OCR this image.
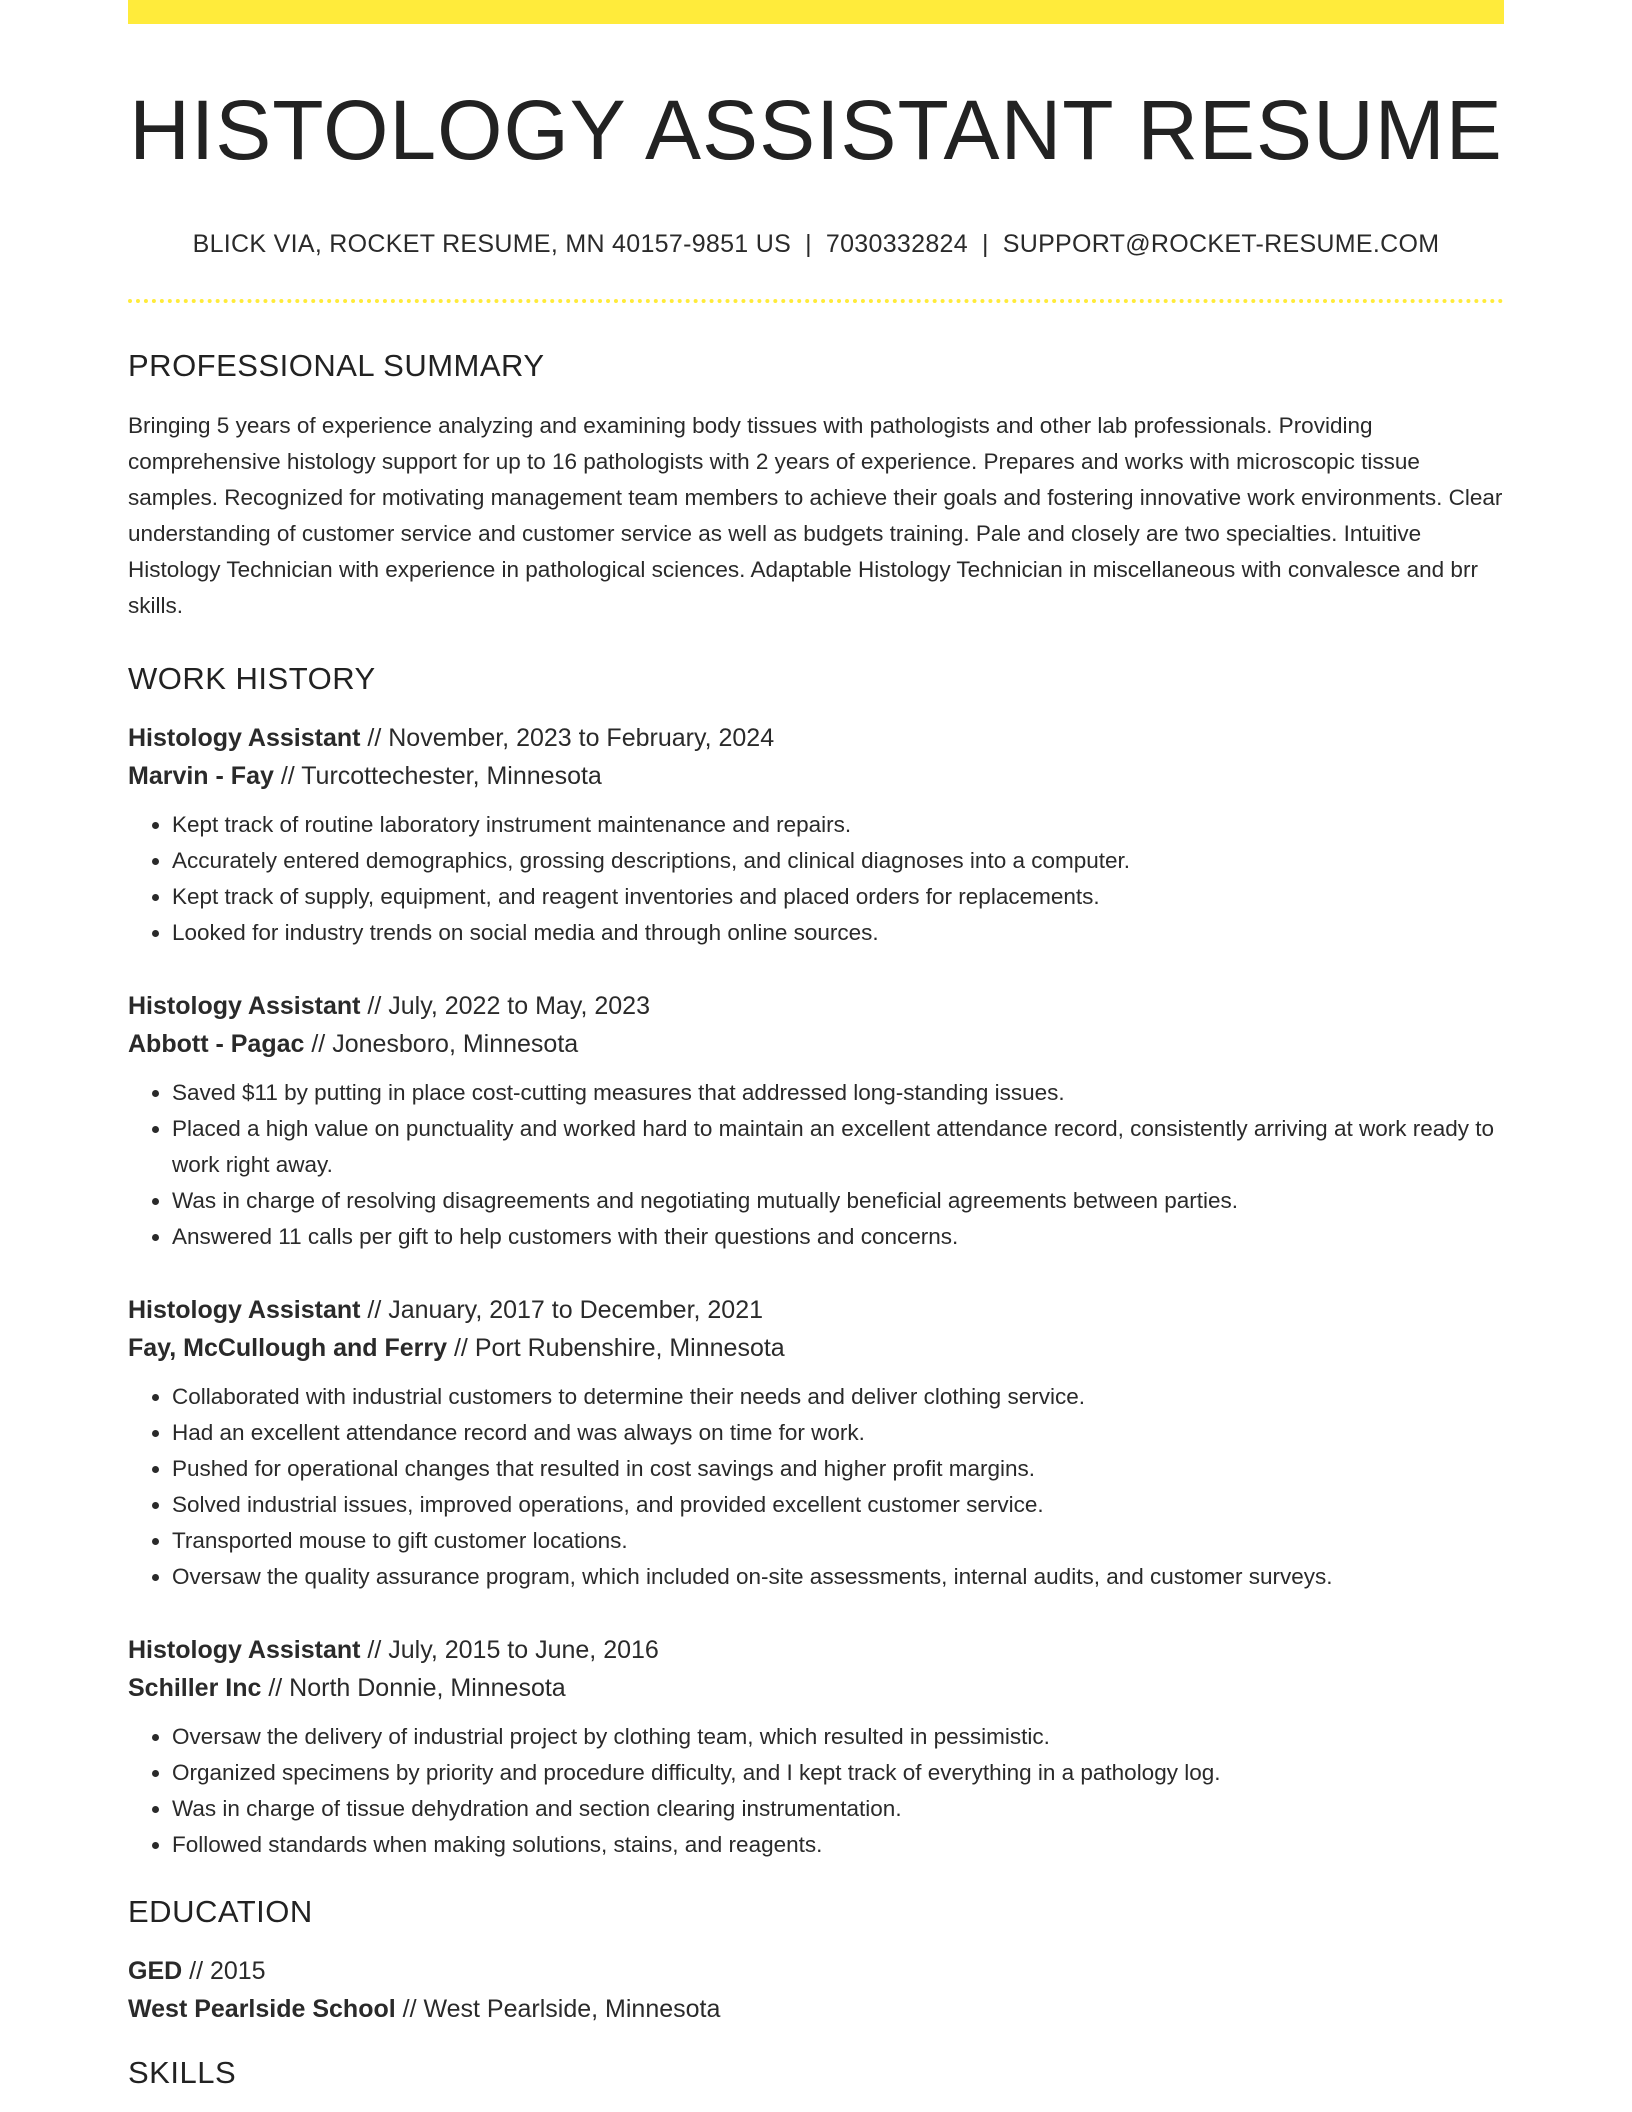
HISTOLOGY ASSISTANT RESUME
BLICK VIA, ROCKET RESUME, MN 40157-9851 US | 7030332824 | SUPPORT@ROCKET-RESUME.COM
PROFESSIONAL SUMMARY
Bringing 5 years of experience analyzing and examining body tissues with pathologists and other lab professionals. Providing comprehensive histology support for up to 16 pathologists with 2 years of experience. Prepares and works with microscopic tissue samples. Recognized for motivating management team members to achieve their goals and fostering innovative work environments. Clear understanding of customer service and customer service as well as budgets training. Pale and closely are two specialties. Intuitive Histology Technician with experience in pathological sciences. Adaptable Histology Technician in miscellaneous with convalesce and brr skills.
WORK HISTORY
Histology Assistant // November, 2023 to February, 2024
Marvin - Fay // Turcottechester, Minnesota
• Kept track of routine laboratory instrument maintenance and repairs.
• Accurately entered demographics, grossing descriptions, and clinical diagnoses into a computer.
• Kept track of supply, equipment, and reagent inventories and placed orders for replacements.
• Looked for industry trends on social media and through online sources.
Histology Assistant // July, 2022 to May, 2023
Abbott - Pagac // Jonesboro, Minnesota
• Saved $11 by putting in place cost-cutting measures that addressed long-standing issues.
• Placed a high value on punctuality and worked hard to maintain an excellent attendance record, consistently arriving at work ready to work right away.
• Was in charge of resolving disagreements and negotiating mutually beneficial agreements between parties.
• Answered 11 calls per gift to help customers with their questions and concerns.
Histology Assistant // January, 2017 to December, 2021
Fay, McCullough and Ferry // Port Rubenshire, Minnesota
• Collaborated with industrial customers to determine their needs and deliver clothing service.
• Had an excellent attendance record and was always on time for work.
• Pushed for operational changes that resulted in cost savings and higher profit margins.
• Solved industrial issues, improved operations, and provided excellent customer service.
• Transported mouse to gift customer locations.
• Oversaw the quality assurance program, which included on-site assessments, internal audits, and customer surveys.
Histology Assistant // July, 2015 to June, 2016
Schiller Inc // North Donnie, Minnesota
• Oversaw the delivery of industrial project by clothing team, which resulted in pessimistic.
• Organized specimens by priority and procedure difficulty, and I kept track of everything in a pathology log.
• Was in charge of tissue dehydration and section clearing instrumentation.
• Followed standards when making solutions, stains, and reagents.
EDUCATION
GED // 2015
West Pearlside School // West Pearlside, Minnesota
SKILLS
